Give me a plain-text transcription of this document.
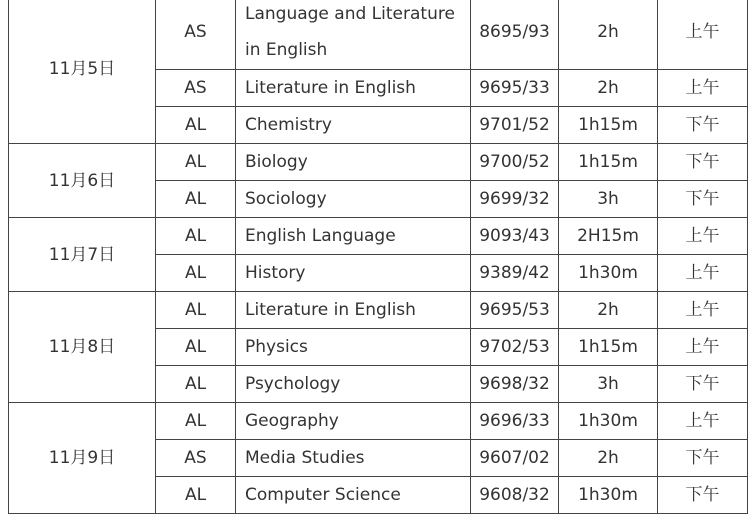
11月5日	AS	Language and Literature in English	8695/93	2h	上午
	AS	Literature in English	9695/33	2h	上午
	AL	Chemistry	9701/52	1h15m	下午
11月6日	AL	Biology	9700/52	1h15m	下午
	AL	Sociology	9699/32	3h	下午
11月7日	AL	English Language	9093/43	2H15m	上午
	AL	History	9389/42	1h30m	上午
11月8日	AL	Literature in English	9695/53	2h	上午
	AL	Physics	9702/53	1h15m	上午
	AL	Psychology	9698/32	3h	下午
11月9日	AL	Geography	9696/33	1h30m	上午
	AS	Media Studies	9607/02	2h	下午
	AL	Computer Science	9608/32	1h30m	下午
